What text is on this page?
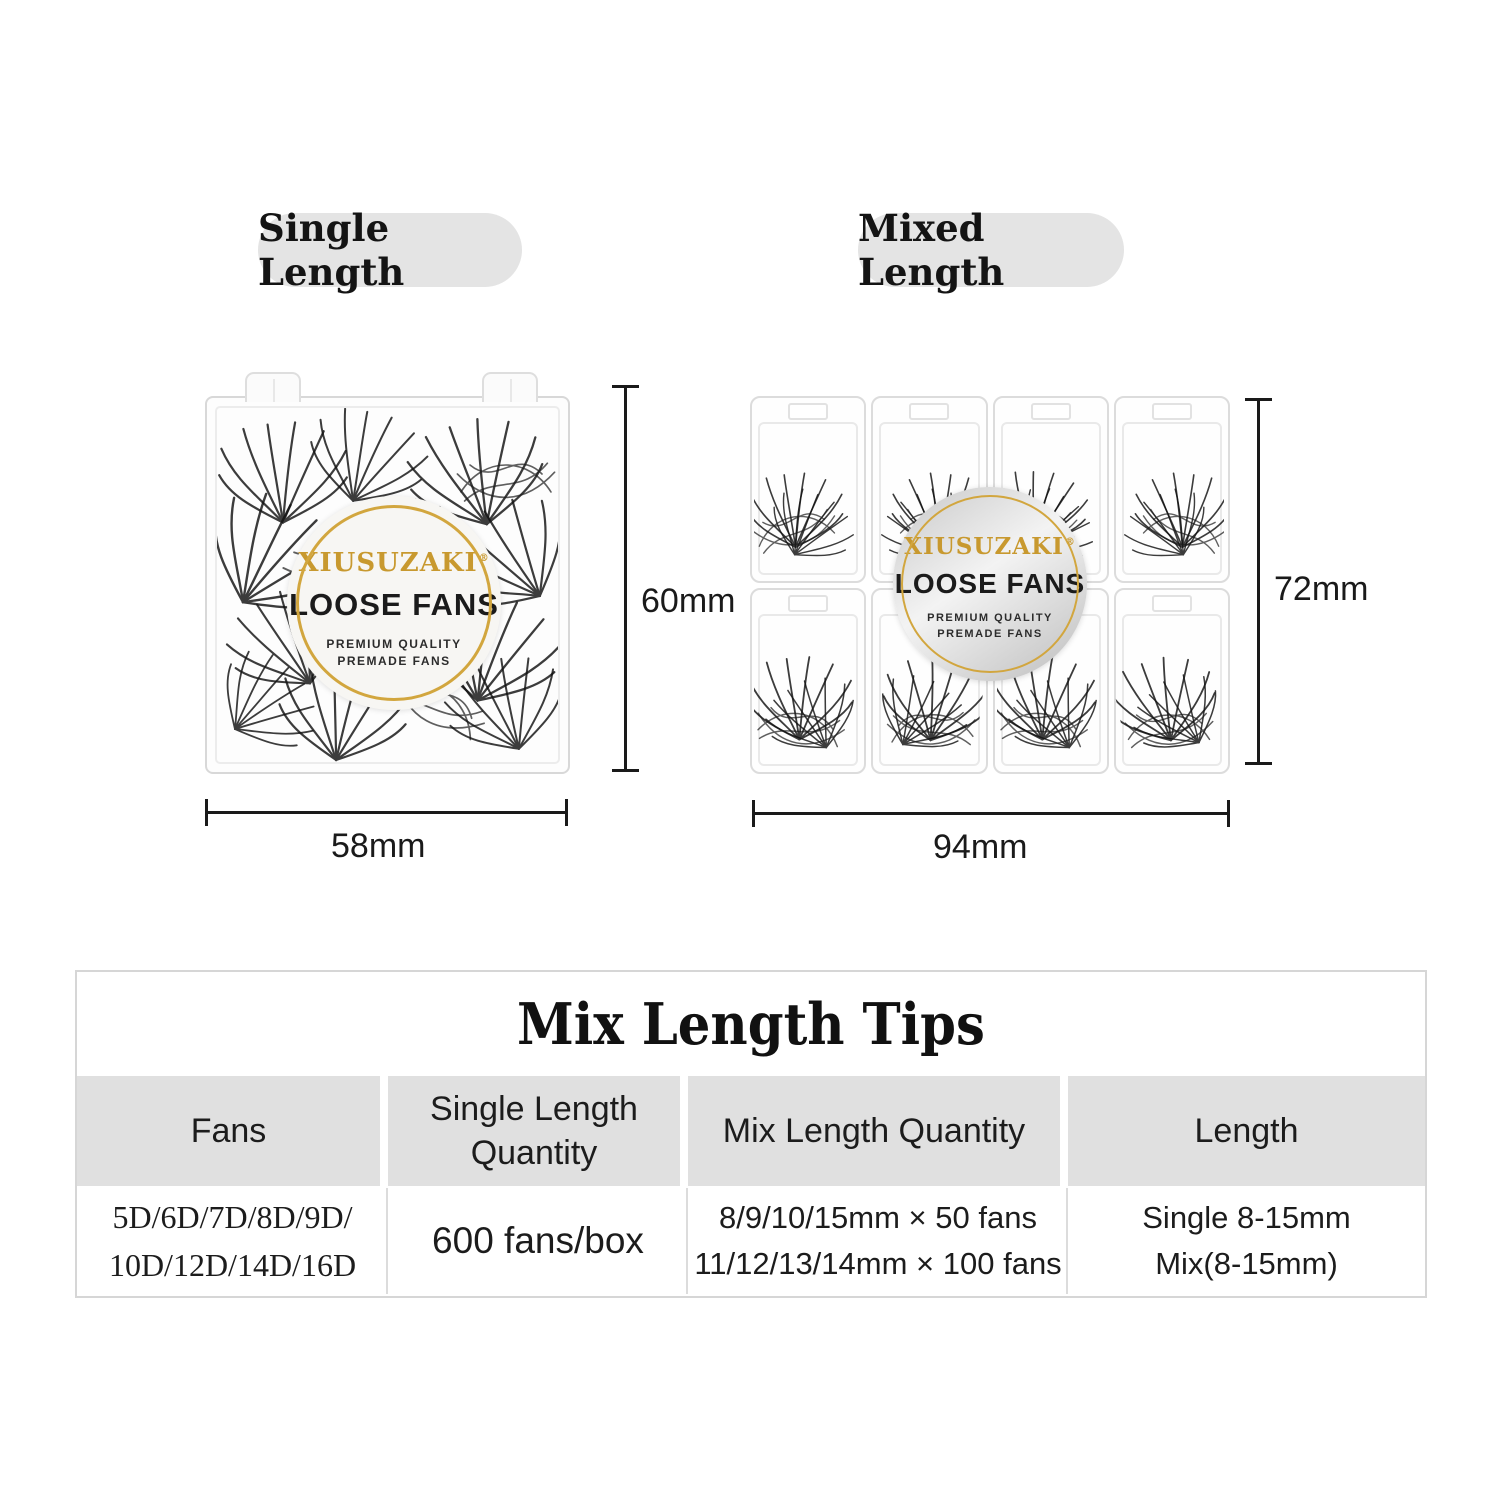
Single Length
Mixed Length
XIUSUZAKI®
LOOSE FANS
PREMIUM QUALITY
PREMADE FANS
XIUSUZAKI®
LOOSE FANS
PREMIUM QUALITY
PREMADE FANS
60mm
58mm
72mm
94mm
Mix Length Tips
Fans
Single Length Quantity
Mix Length Quantity	Length
5D/6D/7D/8D/9D/
10D/12D/14D/16D
600 fans/box
8/9/10/15mm × 50 fans
11/12/13/14mm × 100 fans
Single 8-15mm
Mix(8-15mm)
